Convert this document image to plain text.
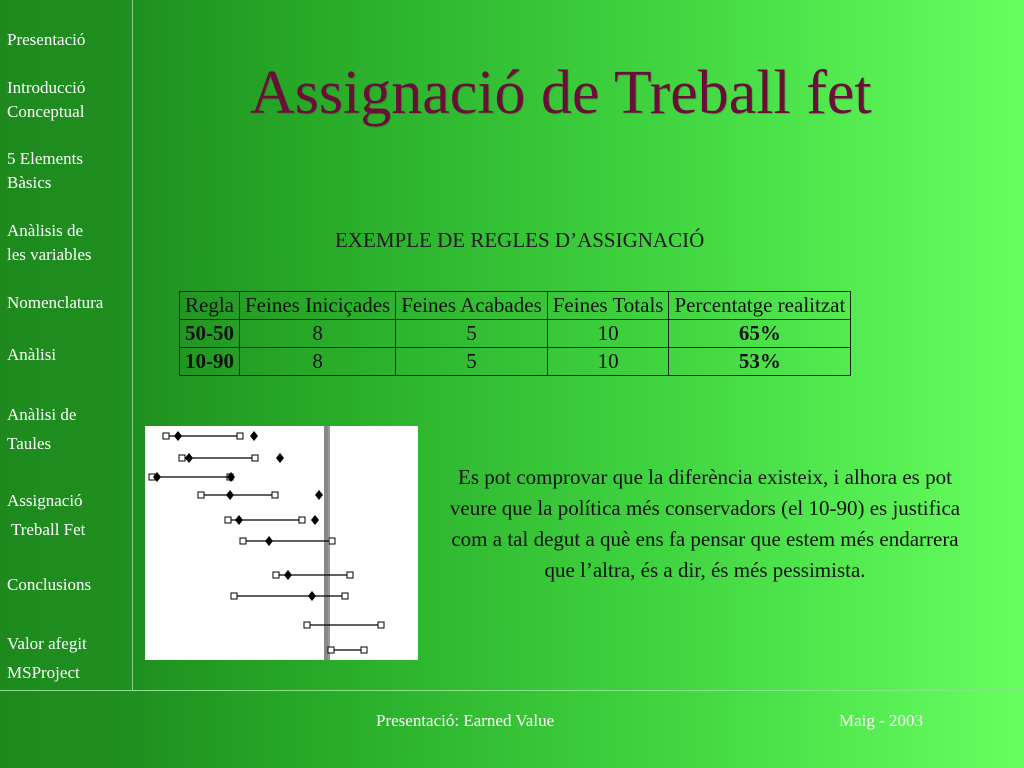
Presentació
Introducció
Conceptual
5 Elements
Bàsics
Anàlisis de
les variables
Nomenclatura
Anàlisi
Anàlisi de
Taules
Assignació
Treball Fet
Conclusions
Valor afegit
MSProject
Assignació de Treball fet
EXEMPLE DE REGLES D’ASSIGNACIÓ
Regla	Feines Iniciçades	Feines Acabades	Feines Totals	Percentatge realitzat
50-50	8	5	10	65%
10-90	8	5	10	53%
Es pot comprovar que la diferència existeix, i alhora es pot veure que la política més conservadors (el 10-90) es justifica com a tal degut a què ens fa pensar que estem més endarrera que l’altra, és a dir, és més pessimista.
Presentació: Earned Value	Maig - 2003
